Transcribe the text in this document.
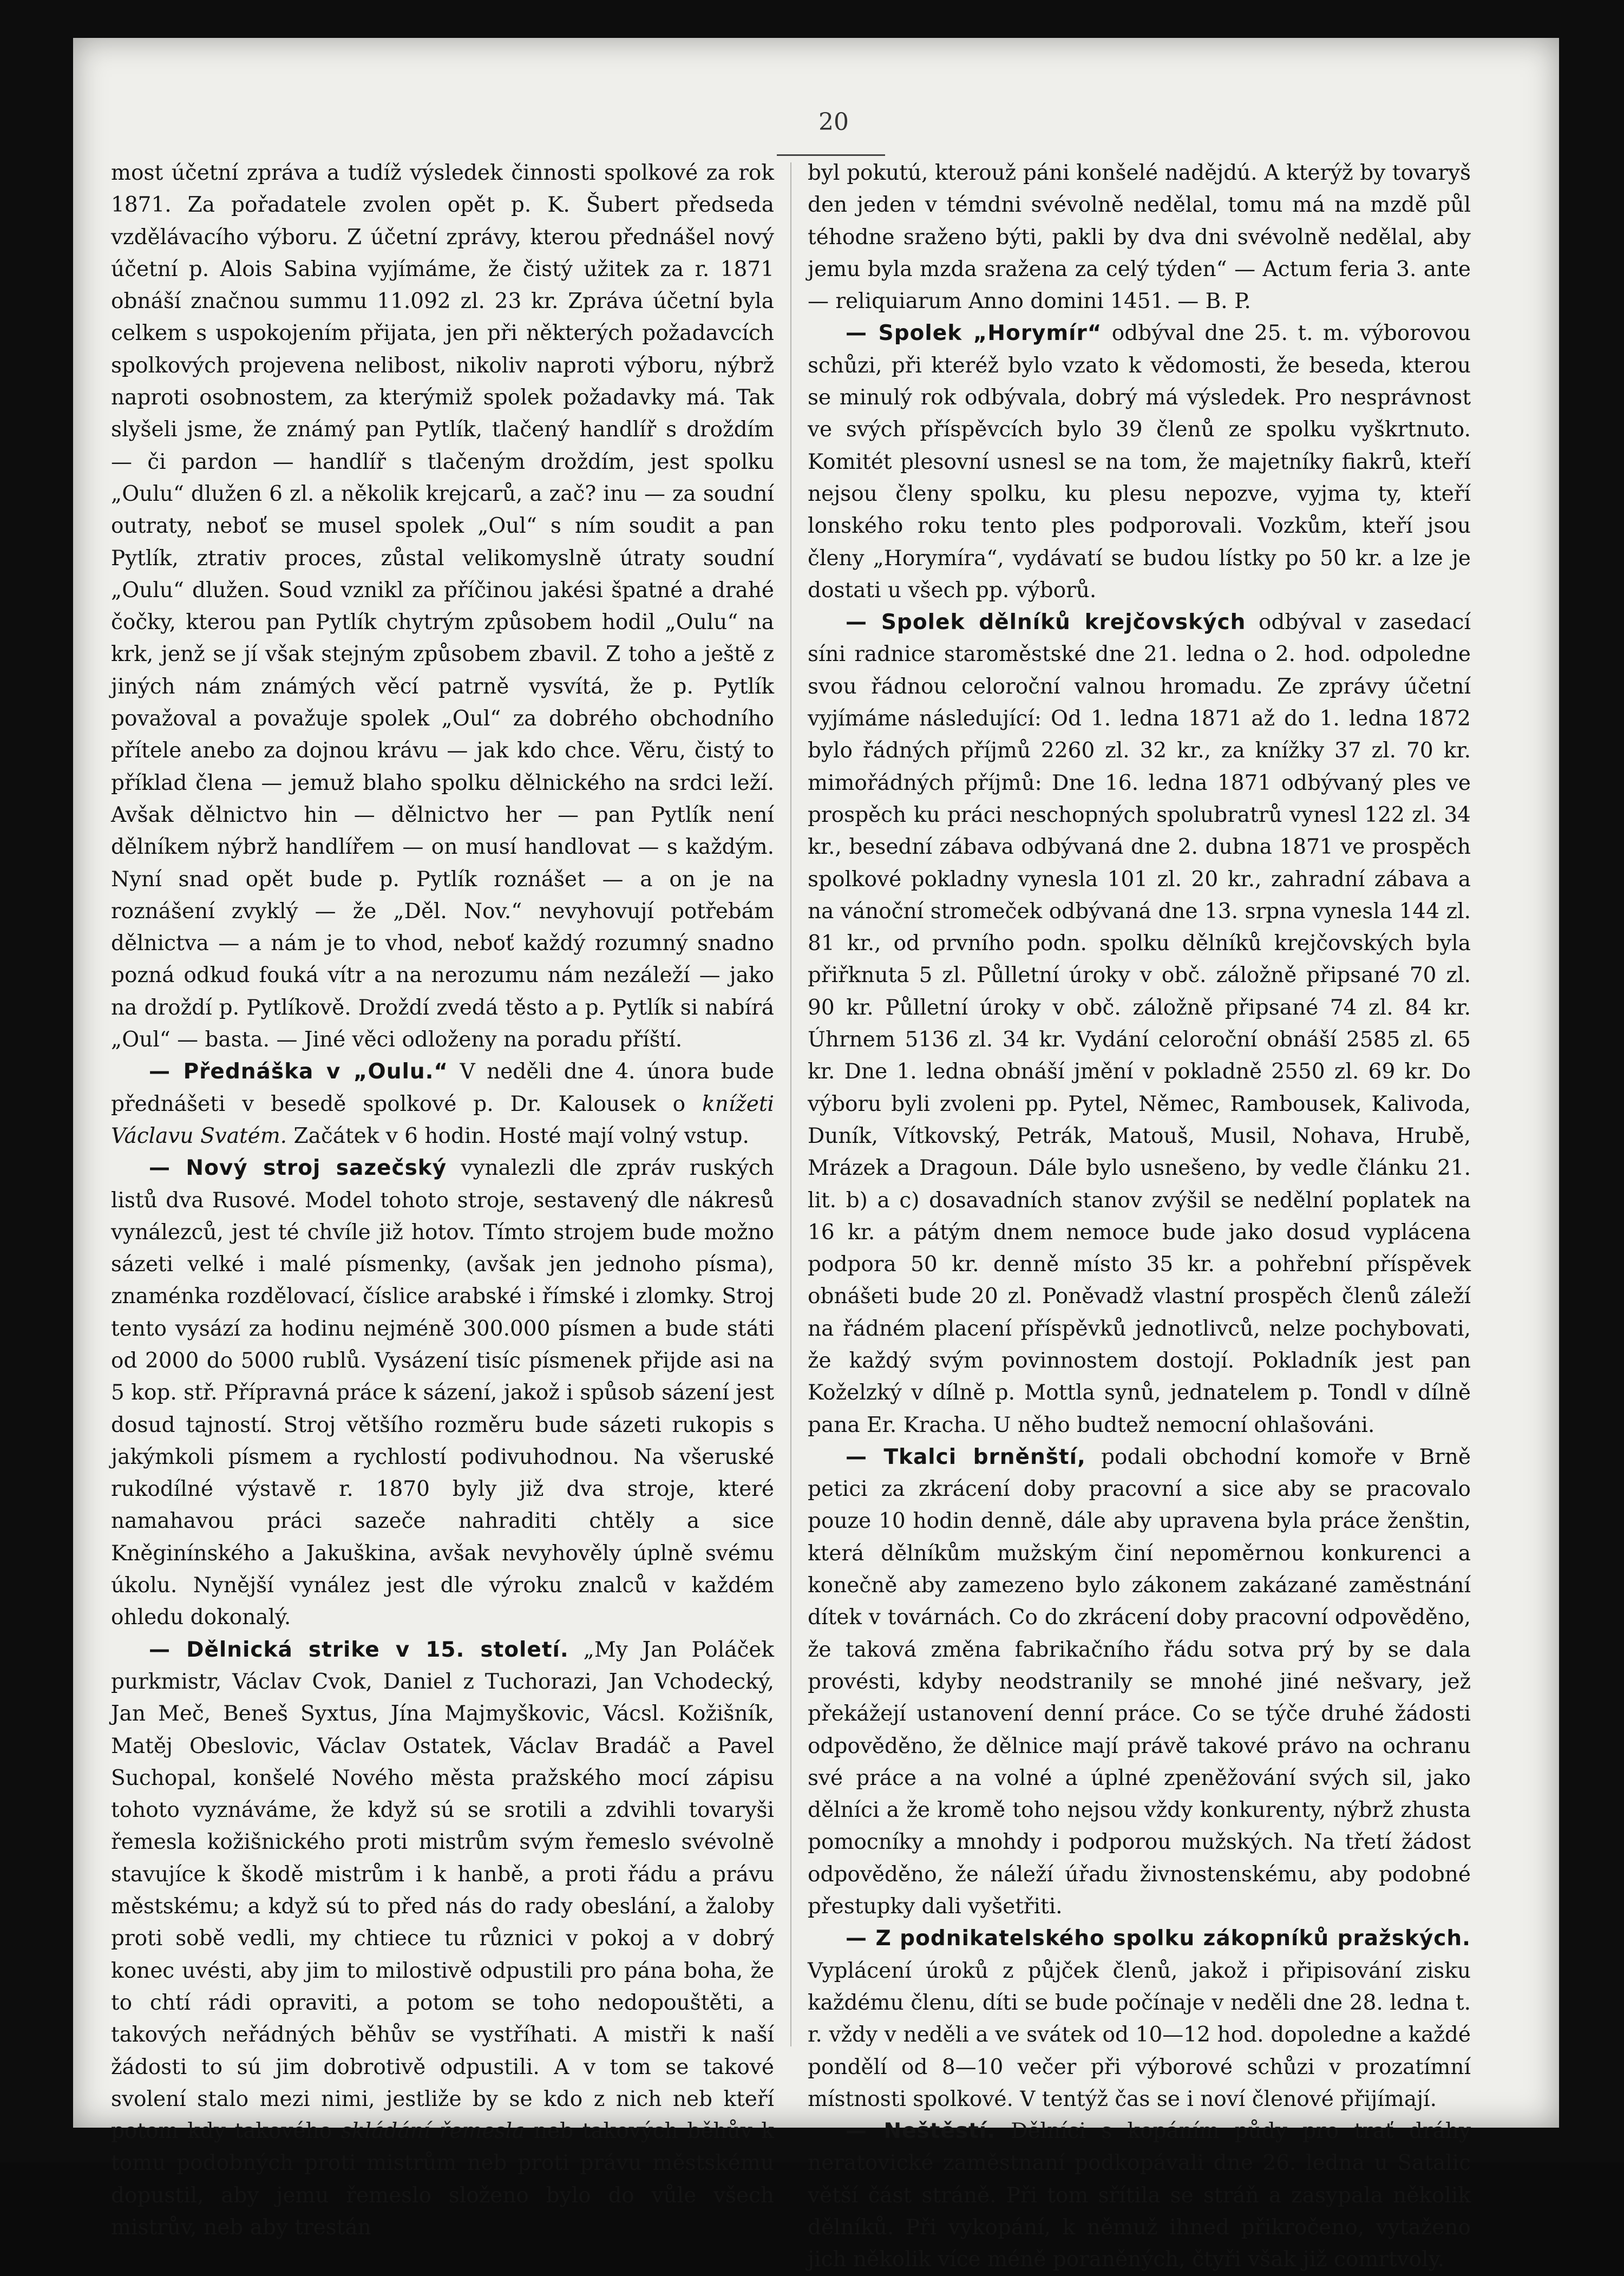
20

most účetní zpráva a tudíž výsledek činnosti spolkové za rok 1871. Za pořadatele zvolen opět p. K. Šubert předseda vzdělávacího výboru. Z účetní zprávy, kterou přednášel nový účetní p. Alois Sabina vyjímáme, že čistý užitek za r. 1871 obnáší značnou summu 11.092 zl. 23 kr. Zpráva účetní byla celkem s uspokojením přijata, jen při některých požadavcích spolkových projevena nelibost, nikoliv naproti výboru, nýbrž naproti osobnostem, za kterýmiž spolek požadavky má. Tak slyšeli jsme, že známý pan Pytlík, tlačený handlíř s droždím — či pardon — handlíř s tlačeným droždím, jest spolku „Oulu“ dlužen 6 zl. a několik krejcarů, a zač? inu — za soudní outraty, neboť se musel spolek „Oul“ s ním soudit a pan Pytlík, ztrativ proces, zůstal velikomyslně útraty soudní „Oulu“ dlužen. Soud vznikl za příčinou jakési špatné a drahé čočky, kterou pan Pytlík chytrým způsobem hodil „Oulu“ na krk, jenž se jí však stejným způsobem zbavil. Z toho a ještě z jiných nám známých věcí patrně vysvítá, že p. Pytlík považoval a považuje spolek „Oul“ za dobrého obchodního přítele anebo za dojnou krávu — jak kdo chce. Věru, čistý to příklad člena — jemuž blaho spolku dělnického na srdci leží. Avšak dělnictvo hin — dělnictvo her — pan Pytlík není dělníkem nýbrž handlířem — on musí handlovat — s každým. Nyní snad opět bude p. Pytlík roznášet — a on je na roznášení zvyklý — že „Děl. Nov.“ nevyhovují potřebám dělnictva — a nám je to vhod, neboť každý rozumný snadno pozná odkud fouká vítr a na nerozumu nám nezáleží — jako na droždí p. Pytlíkově. Droždí zvedá těsto a p. Pytlík si nabírá „Oul“ — basta. — Jiné věci odloženy na poradu příští.

— Přednáška v „Oulu.“ V neděli dne 4. února bude přednášeti v besedě spolkové p. Dr. Kalousek o knížeti Václavu Svatém. Začátek v 6 hodin. Hosté mají volný vstup.

— Nový stroj sazečský vynalezli dle zpráv ruských listů dva Rusové. Model tohoto stroje, sestavený dle nákresů vynálezců, jest té chvíle již hotov. Tímto strojem bude možno sázeti velké i malé písmenky, (avšak jen jednoho písma), znaménka rozdělovací, číslice arabské i římské i zlomky. Stroj tento vysází za hodinu nejméně 300.000 písmen a bude státi od 2000 do 5000 rublů. Vysázení tisíc písmenek přijde asi na 5 kop. stř. Přípravná práce k sázení, jakož i spůsob sázení jest dosud tajností. Stroj většího rozměru bude sázeti rukopis s jakýmkoli písmem a rychlostí podivuhodnou. Na všeruské rukodílné výstavě r. 1870 byly již dva stroje, které namahavou práci sazeče nahraditi chtěly a sice Kněginínského a Jakuškina, avšak nevyhověly úplně svému úkolu. Nynější vynález jest dle výroku znalců v každém ohledu dokonalý.

— Dělnická strike v 15. století. „My Jan Poláček purkmistr, Václav Cvok, Daniel z Tuchorazi, Jan Vchodecký, Jan Meč, Beneš Syxtus, Jína Majmyškovic, Vácsl. Kožišník, Matěj Obeslovic, Václav Ostatek, Václav Bradáč a Pavel Suchopal, konšelé Nového města pražského mocí zápisu tohoto vyznáváme, že když sú se srotili a zdvihli tovaryši řemesla kožišnického proti mistrům svým řemeslo svévolně stavujíce k škodě mistrům i k hanbě, a proti řádu a právu městskému; a když sú to před nás do rady obeslání, a žaloby proti sobě vedli, my chtiece tu různici v pokoj a v dobrý konec uvésti, aby jim to milostivě odpustili pro pána boha, že to chtí rádi opraviti, a potom se toho nedopouštěti, a takových neřádných běhův se vystříhati. A mistři k naší žádosti to sú jim dobrotivě odpustili. A v tom se takové svolení stalo mezi nimi, jestliže by se kdo z nich neb kteří potom kdy takového skládání řemesla neb takových běhův k tomu podobných proti mistrům neb proti právu městskému dopustil, aby jemu řemeslo složeno bylo do vůle všech mistrův, neb aby trestán

byl pokutú, kterouž páni konšelé nadějdú. A kterýž by tovaryš den jeden v témdni svévolně nedělal, tomu má na mzdě půl téhodne sraženo býti, pakli by dva dni svévolně nedělal, aby jemu byla mzda sražena za celý týden“ — Actum feria 3. ante — reliquiarum Anno domini 1451. — B. P.

— Spolek „Horymír“ odbýval dne 25. t. m. výborovou schůzi, při kteréž bylo vzato k vědomosti, že beseda, kterou se minulý rok odbývala, dobrý má výsledek. Pro nesprávnost ve svých příspěvcích bylo 39 členů ze spolku vyškrtnuto. Komitét plesovní usnesl se na tom, že majetníky fiakrů, kteří nejsou členy spolku, ku plesu nepozve, vyjma ty, kteří lonského roku tento ples podporovali. Vozkům, kteří jsou členy „Horymíra“, vydávatí se budou lístky po 50 kr. a lze je dostati u všech pp. výborů.

— Spolek dělníků krejčovských odbýval v zasedací síni radnice staroměstské dne 21. ledna o 2. hod. odpoledne svou řádnou celoroční valnou hromadu. Ze zprávy účetní vyjímáme následující: Od 1. ledna 1871 až do 1. ledna 1872 bylo řádných příjmů 2260 zl. 32 kr., za knížky 37 zl. 70 kr. mimořádných příjmů: Dne 16. ledna 1871 odbývaný ples ve prospěch ku práci neschopných spolubratrů vynesl 122 zl. 34 kr., besední zábava odbývaná dne 2. dubna 1871 ve prospěch spolkové pokladny vynesla 101 zl. 20 kr., zahradní zábava a na vánoční stromeček odbývaná dne 13. srpna vynesla 144 zl. 81 kr., od prvního podn. spolku dělníků krejčovských byla přiřknuta 5 zl. Půlletní úroky v obč. záložně připsané 70 zl. 90 kr. Půlletní úroky v obč. záložně připsané 74 zl. 84 kr. Úhrnem 5136 zl. 34 kr. Vydání celoroční obnáší 2585 zl. 65 kr. Dne 1. ledna obnáší jmění v pokladně 2550 zl. 69 kr. Do výboru byli zvoleni pp. Pytel, Němec, Rambousek, Kalivoda, Duník, Vítkovský, Petrák, Matouš, Musil, Nohava, Hrubě, Mrázek a Dragoun. Dále bylo usnešeno, by vedle článku 21. lit. b) a c) dosavadních stanov zvýšil se nedělní poplatek na 16 kr. a pátým dnem nemoce bude jako dosud vyplácena podpora 50 kr. denně místo 35 kr. a pohřební příspěvek obnášeti bude 20 zl. Poněvadž vlastní prospěch členů záleží na řádném placení příspěvků jednotlivců, nelze pochybovati, že každý svým povinnostem dostojí. Pokladník jest pan Koželzký v dílně p. Mottla synů, jednatelem p. Tondl v dílně pana Er. Kracha. U něho budtež nemocní ohlašováni.

— Tkalci brněnští, podali obchodní komoře v Brně petici za zkrácení doby pracovní a sice aby se pracovalo pouze 10 hodin denně, dále aby upravena byla práce ženštin, která dělníkům mužským činí nepoměrnou konkurenci a konečně aby zamezeno bylo zákonem zakázané zaměstnání dítek v továrnách. Co do zkrácení doby pracovní odpověděno, že taková změna fabrikačního řádu sotva prý by se dala provésti, kdyby neodstranily se mnohé jiné nešvary, jež překážejí ustanovení denní práce. Co se týče druhé žádosti odpověděno, že dělnice mají právě takové právo na ochranu své práce a na volné a úplné zpeněžování svých sil, jako dělníci a že kromě toho nejsou vždy konkurenty, nýbrž zhusta pomocníky a mnohdy i podporou mužských. Na třetí žádost odpověděno, že náleží úřadu živnostenskému, aby podobné přestupky dali vyšetřiti.

— Z podnikatelského spolku zákopníků pražských. Vyplácení úroků z půjček členů, jakož i připisování zisku každému členu, díti se bude počínaje v neděli dne 28. ledna t. r. vždy v neděli a ve svátek od 10—12 hod. dopoledne a každé pondělí od 8—10 večer při výborové schůzi v prozatímní místnosti spolkové. V tentýž čas se i noví členové přijímají.

— Neštěstí. Dělníci s kopáním půdy pro trať dráhy neratovické zaměstnaní podkopávali dne 26. ledna u Satalic větší část stráně. Při tom sřítila se stráň a zasypala několik dělníků. Při vykopání, k němuž ihned přikročeno, vytaženo jich několik více méně poraněných, čtyři však již comrtvoly.
